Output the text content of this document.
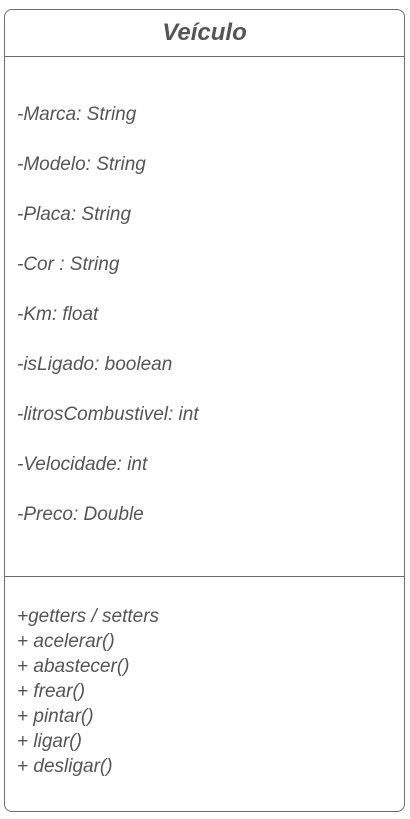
Veículo
-Marca: String
-Modelo: String
-Placa: String
-Cor : String
-Km: float
-isLigado: boolean
-litrosCombustivel: int
-Velocidade: int
-Preco: Double
+getters / setters
+ acelerar()
+ abastecer()
+ frear()
+ pintar()
+ ligar()
+ desligar()
